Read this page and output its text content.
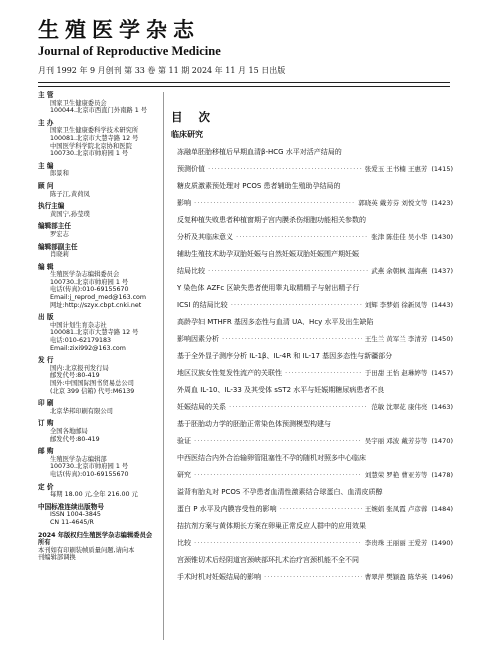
生殖医学杂志
Journal of Reproductive Medicine
月刊 1992 年 9 月创刊 第 33 卷 第 11 期 2024 年 11 月 15 日出版
主 管
国家卫生健康委员会
100044.北京市西直门外南路 1 号
主 办
国家卫生健康委科学技术研究所
100081.北京市大慧寺路 12 号
中国医学科学院北京协和医院
100730.北京市帅府园 1 号
主 编
郎景和
顾 问
陈子江,黄荷凤
执行主编
黄国宁,孙莹璞
编辑部主任
罗宏志
编辑部副主任
肖晓莉
编 辑
生殖医学杂志编辑委员会
100730.北京市帅府园 1 号
电话(传真):010-69155670
Email:j_reprod_med@163.com
网址:http://szyx.cbpt.cnki.net
出 版
中国计划生育杂志社
100081.北京市大慧寺路 12 号
电话:010-62179183
Email:zixi992@163.com
发 行
国内:北京报刊发行局
邮发代号:80-419
国外:中国国际图书贸易总公司
(北京 399 信箱) 代号:M6139
印 刷
北京华邦印刷有限公司
订 购
全国各地邮局
邮发代号:80-419
邮 购
生殖医学杂志编辑部
100730.北京市帅府园 1 号
电话(传真):010-69155670
定 价
每期 18.00 元,全年 216.00 元
中国标准连续出版物号
ISSN 1004-3845
CN 11-4645/R
2024 年版权归生殖医学杂志编辑委员会所有
本刊如有印刷装帧质量问题,请向本
刊编辑部调换
目 次
临床研究
冻融单胚胎移植后早期血清β-HCG 水平对活产结局的
预测价值 ·····	张爱玉 王书楠 王惠芳 (1415)
糖皮质激素预处理对 PCOS 患者辅助生殖助孕结局的
影响 ·····	郭晓英 戴芳芬 刘悦文等 (1423)
反复种植失败患者种植窗期子宫内膜杀伤细胞功能相关参数的
分析及其临床意义 ·····	张津 陈佳佳 吴小华 (1430)
辅助生殖技术助孕双胎妊娠与自然妊娠双胎妊娠围产期妊娠
结局比较 ·····	武燕 余朝枫 温海燕 (1437)
Y 染色体 AZFc 区缺失患者使用睾丸取精精子与射出精子行
ICSI 的结局比较 ·····	刘辉 李梦娟 徐新凤等 (1443)
高龄孕妇 MTHFR 基因多态性与血清 UA、Hcy 水平及出生缺陷
影响因素分析 ·····	王生兰 黄军兰 李清芳 (1450)
基于全外显子测序分析 IL-1β、IL-4R 和 IL-17 基因多态性与新疆部分
地区汉族女性复发性流产的关联性 ·····	于田甜 王怡 赵琳婷等 (1457)
外周血 IL-10、IL-33 及其受体 sST2 水平与妊娠期糖尿病患者不良
妊娠结局的关系 ·····	范敏 沈翠花 康伟亮 (1463)
基于胚胎动力学的胚胎正常染色体预测模型构建与
验证 ·····	吴宇丽 邓波 戴芳芬等 (1470)
中西医结合内外合治输卵管阻塞性不孕的随机对照多中心临床
研究 ·····	刘慧荣 罗艳 曹亚芳等 (1478)
溢背有胎丸对 PCOS 不孕患者血清性激素结合球蛋白、血清皮质醇
蛋白 P 水平及内膜容受性的影响 ·····	王婉娟 张凤霞 卢彦蓉 (1484)
拮抗剂方案与黄体期长方案在卵巢正常反应人群中的应用效果
比较 ·····	李贵珠 王丽丽 王爱芳 (1490)
宫颈锥切术后经阴道宫颈峡部环扎术治疗宫颈机能不全不同
手术时机对妊娠结局的影响 ·····	曹翠萍 樊颖盈 陈华英 (1496)
